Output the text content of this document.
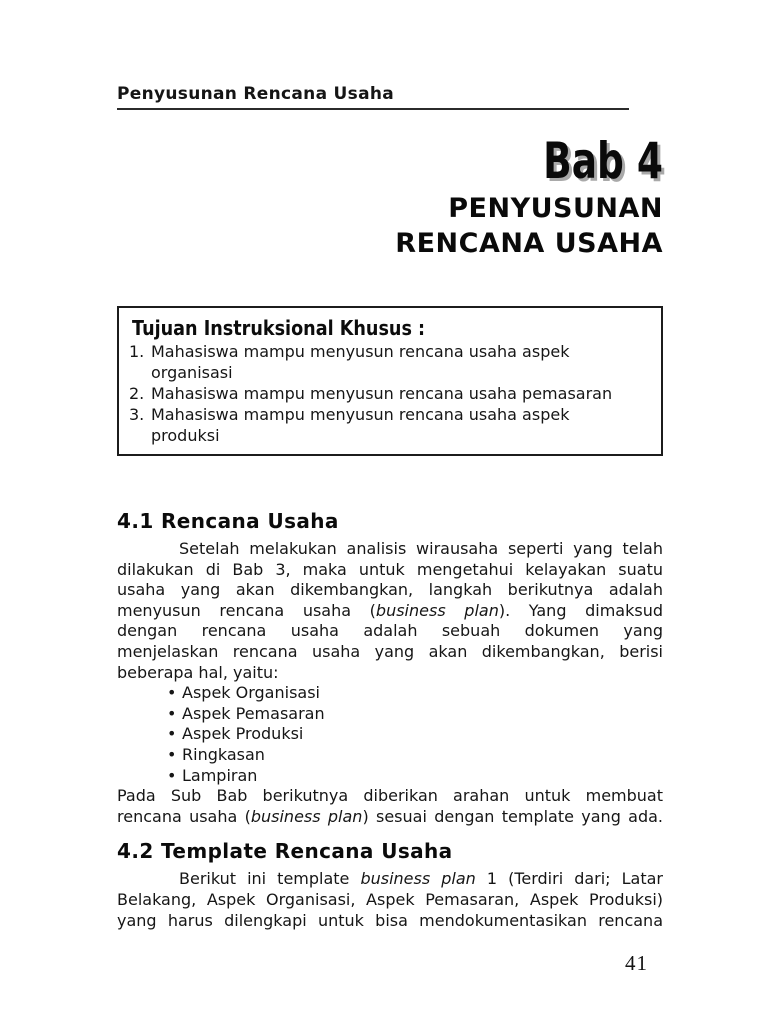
Penyusunan Rencana Usaha
Bab 4
PENYUSUNAN
RENCANA USAHA
Tujuan Instruksional Khusus :
1. Mahasiswa mampu menyusun rencana usaha aspek
organisasi
2. Mahasiswa mampu menyusun rencana usaha pemasaran
3. Mahasiswa mampu menyusun rencana usaha aspek
produksi
4.1 Rencana Usaha
Setelah melakukan analisis wirausaha seperti yang telah
dilakukan di Bab 3, maka untuk mengetahui kelayakan suatu
usaha yang akan dikembangkan, langkah berikutnya adalah
menyusun rencana usaha (business plan). Yang dimaksud
dengan rencana usaha adalah sebuah dokumen yang
menjelaskan rencana usaha yang akan dikembangkan, berisi
beberapa hal, yaitu:
• Aspek Organisasi
• Aspek Pemasaran
• Aspek Produksi
• Ringkasan
• Lampiran
Pada Sub Bab berikutnya diberikan arahan untuk membuat
rencana usaha (business plan) sesuai dengan template yang ada.
4.2 Template Rencana Usaha
Berikut ini template business plan 1 (Terdiri dari; Latar
Belakang, Aspek Organisasi, Aspek Pemasaran, Aspek Produksi)
yang harus dilengkapi untuk bisa mendokumentasikan rencana
41
